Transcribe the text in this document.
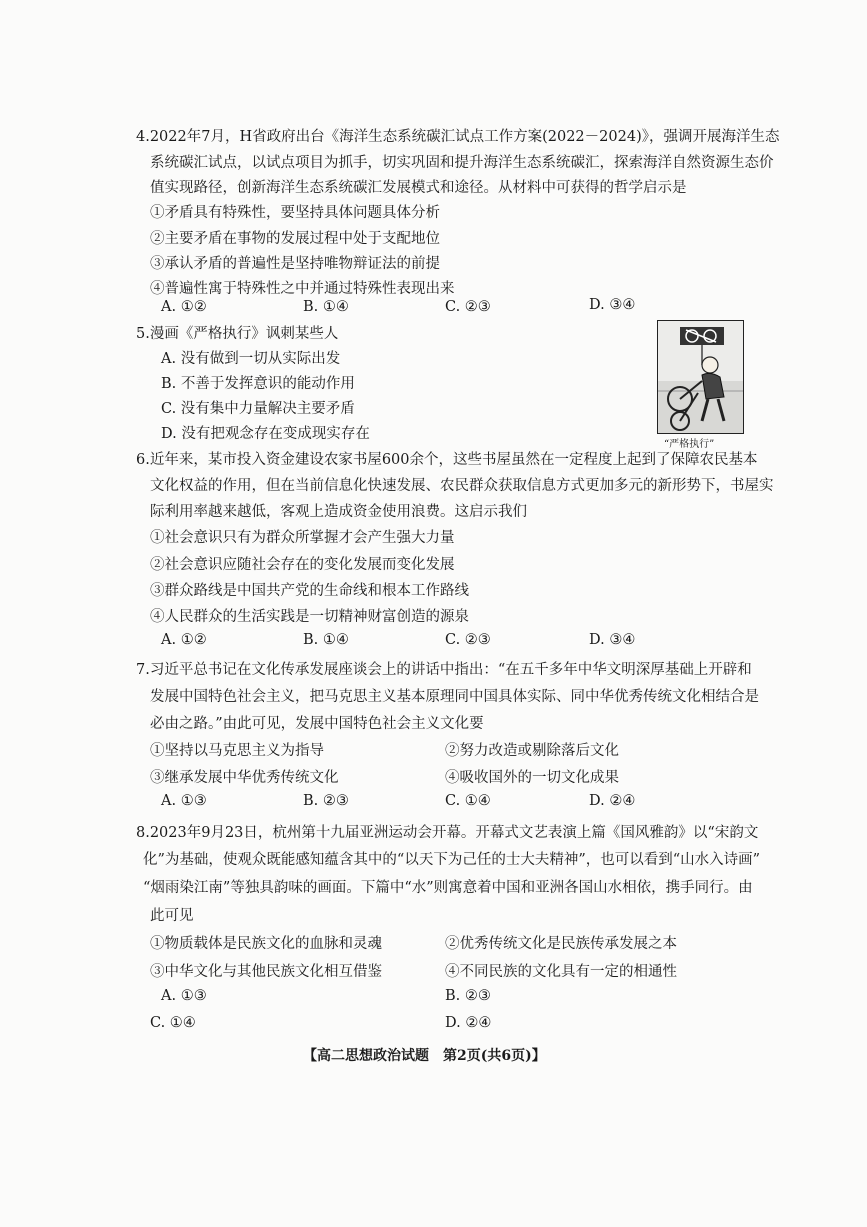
4.2022年7月，H省政府出台《海洋生态系统碳汇试点工作方案(2022－2024)》，强调开展海洋生态
系统碳汇试点，以试点项目为抓手，切实巩固和提升海洋生态系统碳汇，探索海洋自然资源生态价
值实现路径，创新海洋生态系统碳汇发展模式和途径。从材料中可获得的哲学启示是
①矛盾具有特殊性，要坚持具体问题具体分析
②主要矛盾在事物的发展过程中处于支配地位
③承认矛盾的普遍性是坚持唯物辩证法的前提
④普遍性寓于特殊性之中并通过特殊性表现出来
A. ①②	B. ①④	C. ②③	D. ③④
5.漫画《严格执行》讽刺某些人
A. 没有做到一切从实际出发
B. 不善于发挥意识的能动作用
C. 没有集中力量解决主要矛盾
D. 没有把观念存在变成现实存在
“严格执行”
6.近年来，某市投入资金建设农家书屋600余个，这些书屋虽然在一定程度上起到了保障农民基本
文化权益的作用，但在当前信息化快速发展、农民群众获取信息方式更加多元的新形势下，书屋实
际利用率越来越低，客观上造成资金使用浪费。这启示我们
①社会意识只有为群众所掌握才会产生强大力量
②社会意识应随社会存在的变化发展而变化发展
③群众路线是中国共产党的生命线和根本工作路线
④人民群众的生活实践是一切精神财富创造的源泉
A. ①②	B. ①④	C. ②③	D. ③④
7.习近平总书记在文化传承发展座谈会上的讲话中指出：“在五千多年中华文明深厚基础上开辟和
发展中国特色社会主义，把马克思主义基本原理同中国具体实际、同中华优秀传统文化相结合是
必由之路。”由此可见，发展中国特色社会主义文化要
①坚持以马克思主义为指导	②努力改造或剔除落后文化
③继承发展中华优秀传统文化	④吸收国外的一切文化成果
A. ①③	B. ②③	C. ①④	D. ②④
8.2023年9月23日，杭州第十九届亚洲运动会开幕。开幕式文艺表演上篇《国风雅韵》以“宋韵文
化”为基础，使观众既能感知蕴含其中的“以天下为己任的士大夫精神”，也可以看到“山水入诗画”
“烟雨染江南”等独具韵味的画面。下篇中“水”则寓意着中国和亚洲各国山水相依，携手同行。由
此可见
①物质载体是民族文化的血脉和灵魂	②优秀传统文化是民族传承发展之本
③中华文化与其他民族文化相互借鉴	④不同民族的文化具有一定的相通性
A. ①③	B. ②③
C. ①④	D. ②④
【高二思想政治试题　第2页(共6页)】
